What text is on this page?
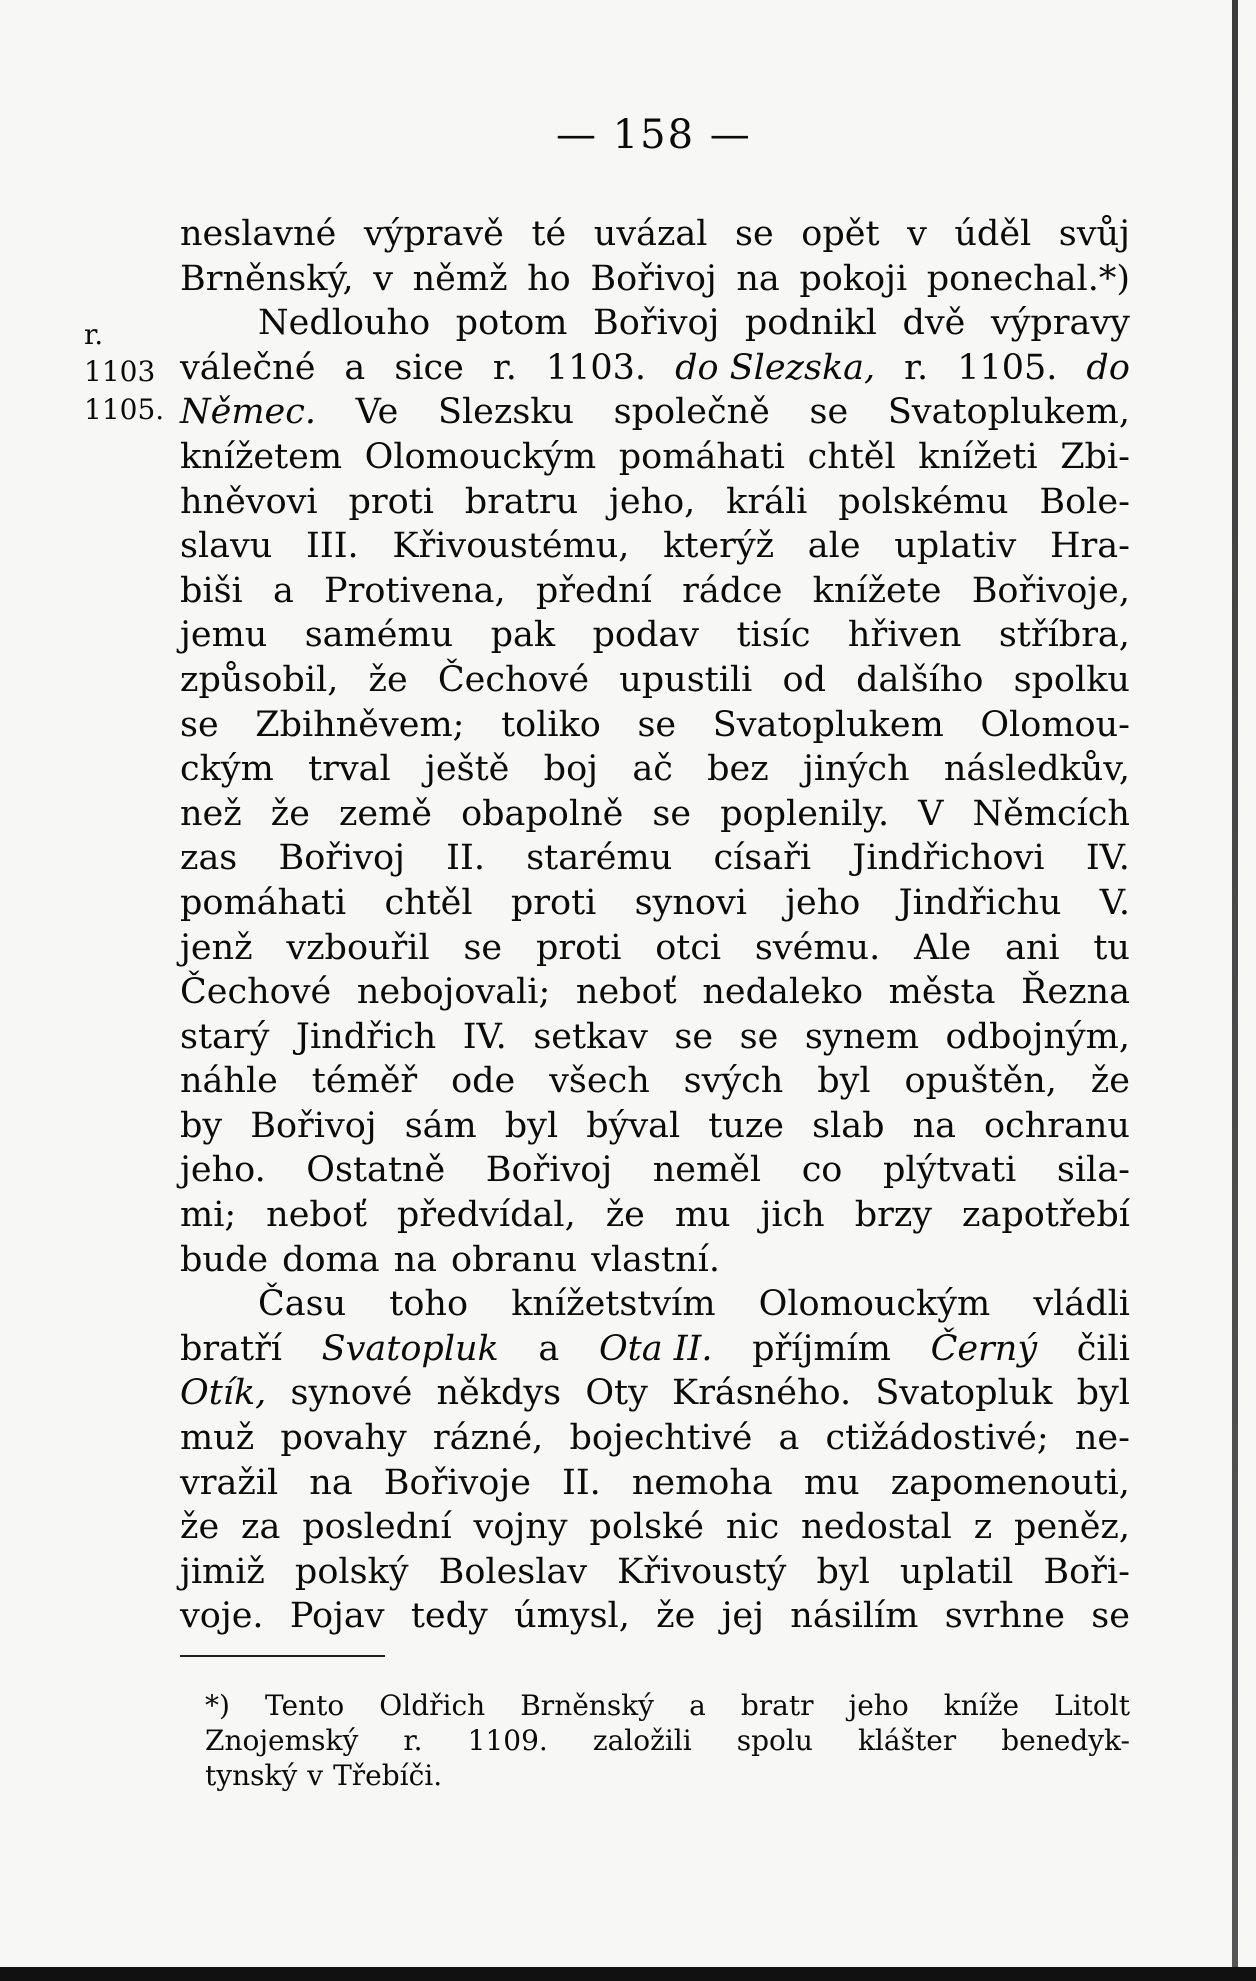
— 158 —
r.
1103
1105.
neslavné výpravě té uvázal se opět v úděl svůj
Brněnský, v němž ho Bořivoj na pokoji ponechal.*)
Nedlouho potom Bořivoj podnikl dvě výpravy
válečné a sice r. 1103. do Slezska, r. 1105. do
Němec. Ve Slezsku společně se Svatoplukem,
knížetem Olomouckým pomáhati chtěl knížeti Zbi-
hněvovi proti bratru jeho, králi polskému Bole-
slavu III. Křivoustému, kterýž ale uplativ Hra-
biši a Protivena, přední rádce knížete Bořivoje,
jemu samému pak podav tisíc hřiven stříbra,
způsobil, že Čechové upustili od dalšího spolku
se Zbihněvem; toliko se Svatoplukem Olomou-
ckým trval ještě boj ač bez jiných následkův,
než že země obapolně se poplenily. V Němcích
zas Bořivoj II. starému císaři Jindřichovi IV.
pomáhati chtěl proti synovi jeho Jindřichu V.
jenž vzbouřil se proti otci svému. Ale ani tu
Čechové nebojovali; neboť nedaleko města Řezna
starý Jindřich IV. setkav se se synem odbojným,
náhle téměř ode všech svých byl opuštěn, že
by Bořivoj sám byl býval tuze slab na ochranu
jeho. Ostatně Bořivoj neměl co plýtvati sila-
mi; neboť předvídal, že mu jich brzy zapotřebí
bude doma na obranu vlastní.
Času toho knížetstvím Olomouckým vládli
bratří Svatopluk a Ota II. příjmím Černý čili
Otík, synové někdys Oty Krásného. Svatopluk byl
muž povahy rázné, bojechtivé a ctižádostivé; ne-
vražil na Bořivoje II. nemoha mu zapomenouti,
že za poslední vojny polské nic nedostal z peněz,
jimiž polský Boleslav Křivoustý byl uplatil Boři-
voje. Pojav tedy úmysl, že jej násilím svrhne se
*) Tento Oldřich Brněnský a bratr jeho kníže Litolt
Znojemský r. 1109. založili spolu klášter benedyk-
tynský v Třebíči.
